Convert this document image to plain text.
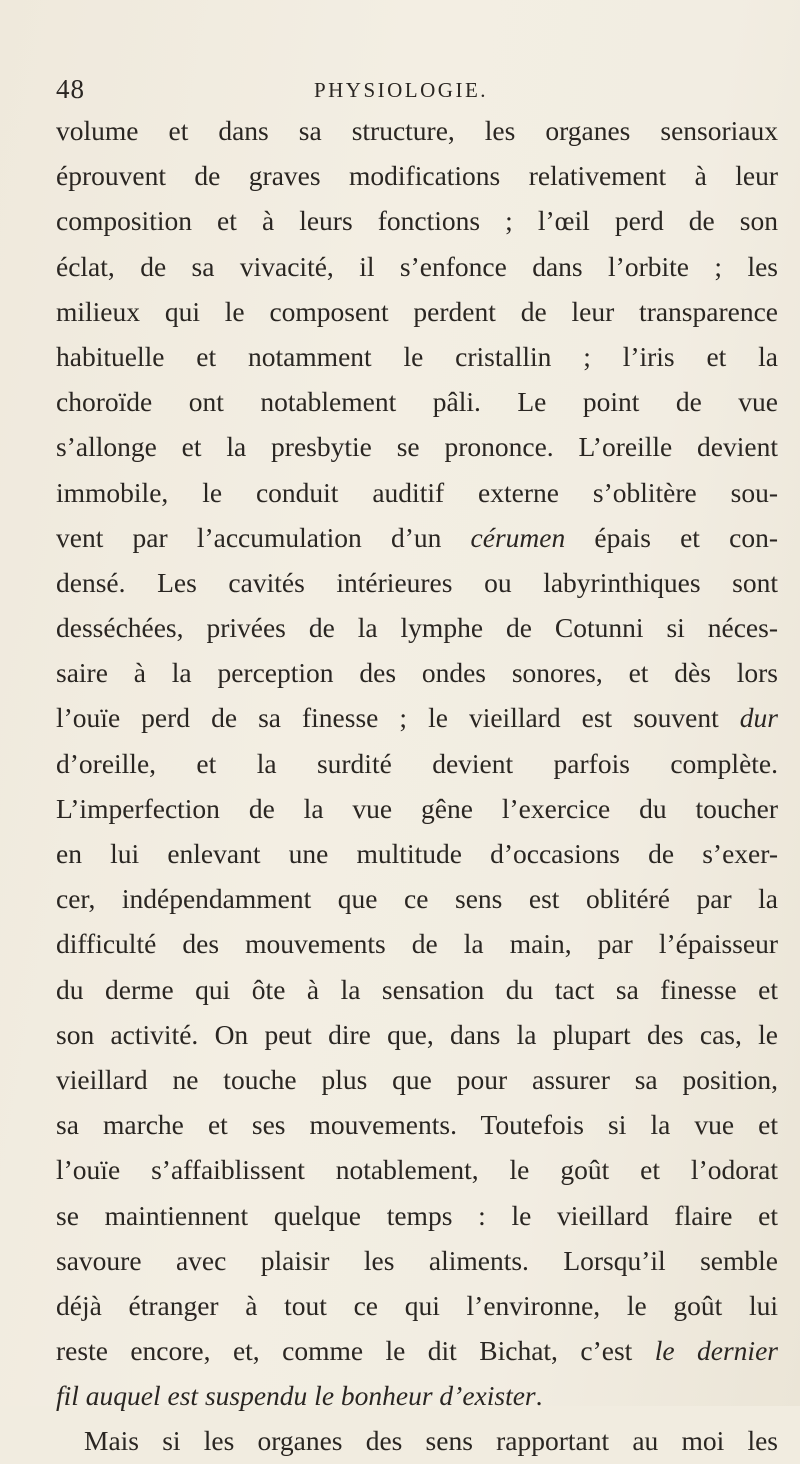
48	PHYSIOLOGIE.
volume et dans sa structure, les organes sensoriaux
éprouvent de graves modifications relativement à leur
composition et à leurs fonctions ; l’œil perd de son
éclat, de sa vivacité, il s’enfonce dans l’orbite ; les
milieux qui le composent perdent de leur transparence
habituelle et notamment le cristallin ; l’iris et la
choroïde ont notablement pâli. Le point de vue
s’allonge et la presbytie se prononce. L’oreille devient
immobile, le conduit auditif externe s’oblitère sou-
vent par l’accumulation d’un cérumen épais et con-
densé. Les cavités intérieures ou labyrinthiques sont
desséchées, privées de la lymphe de Cotunni si néces-
saire à la perception des ondes sonores, et dès lors
l’ouïe perd de sa finesse ; le vieillard est souvent dur
d’oreille, et la surdité devient parfois complète.
L’imperfection de la vue gêne l’exercice du toucher
en lui enlevant une multitude d’occasions de s’exer-
cer, indépendamment que ce sens est oblitéré par la
difficulté des mouvements de la main, par l’épaisseur
du derme qui ôte à la sensation du tact sa finesse et
son activité. On peut dire que, dans la plupart des cas, le
vieillard ne touche plus que pour assurer sa position,
sa marche et ses mouvements. Toutefois si la vue et
l’ouïe s’affaiblissent notablement, le goût et l’odorat
se maintiennent quelque temps : le vieillard flaire et
savoure avec plaisir les aliments. Lorsqu’il semble
déjà étranger à tout ce qui l’environne, le goût lui
reste encore, et, comme le dit Bichat, c’est le dernier
fil auquel est suspendu le bonheur d’exister.
Mais si les organes des sens rapportant au moi les
